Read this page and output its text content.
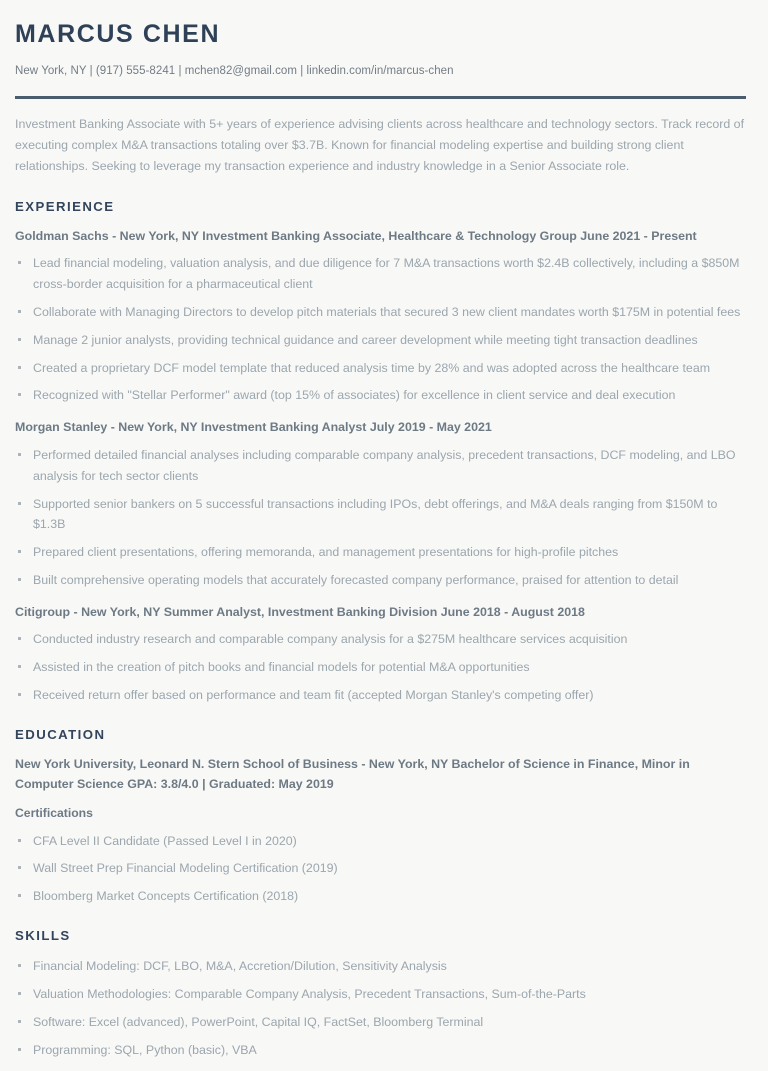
MARCUS CHEN
New York, NY | (917) 555-8241 | mchen82@gmail.com | linkedin.com/in/marcus-chen

Investment Banking Associate with 5+ years of experience advising clients across healthcare and technology sectors. Track record of executing complex M&A transactions totaling over $3.7B. Known for financial modeling expertise and building strong client relationships. Seeking to leverage my transaction experience and industry knowledge in a Senior Associate role.

EXPERIENCE
Goldman Sachs - New York, NY Investment Banking Associate, Healthcare & Technology Group June 2021 - Present
Lead financial modeling, valuation analysis, and due diligence for 7 M&A transactions worth $2.4B collectively, including a $850M cross-border acquisition for a pharmaceutical client
Collaborate with Managing Directors to develop pitch materials that secured 3 new client mandates worth $175M in potential fees
Manage 2 junior analysts, providing technical guidance and career development while meeting tight transaction deadlines
Created a proprietary DCF model template that reduced analysis time by 28% and was adopted across the healthcare team
Recognized with "Stellar Performer" award (top 15% of associates) for excellence in client service and deal execution
Morgan Stanley - New York, NY Investment Banking Analyst July 2019 - May 2021
Performed detailed financial analyses including comparable company analysis, precedent transactions, DCF modeling, and LBO analysis for tech sector clients
Supported senior bankers on 5 successful transactions including IPOs, debt offerings, and M&A deals ranging from $150M to $1.3B
Prepared client presentations, offering memoranda, and management presentations for high-profile pitches
Built comprehensive operating models that accurately forecasted company performance, praised for attention to detail
Citigroup - New York, NY Summer Analyst, Investment Banking Division June 2018 - August 2018
Conducted industry research and comparable company analysis for a $275M healthcare services acquisition
Assisted in the creation of pitch books and financial models for potential M&A opportunities
Received return offer based on performance and team fit (accepted Morgan Stanley's competing offer)
EDUCATION
New York University, Leonard N. Stern School of Business - New York, NY Bachelor of Science in Finance, Minor in Computer Science GPA: 3.8/4.0 | Graduated: May 2019
Certifications
CFA Level II Candidate (Passed Level I in 2020)
Wall Street Prep Financial Modeling Certification (2019)
Bloomberg Market Concepts Certification (2018)
SKILLS
Financial Modeling: DCF, LBO, M&A, Accretion/Dilution, Sensitivity Analysis
Valuation Methodologies: Comparable Company Analysis, Precedent Transactions, Sum-of-the-Parts
Software: Excel (advanced), PowerPoint, Capital IQ, FactSet, Bloomberg Terminal
Programming: SQL, Python (basic), VBA
